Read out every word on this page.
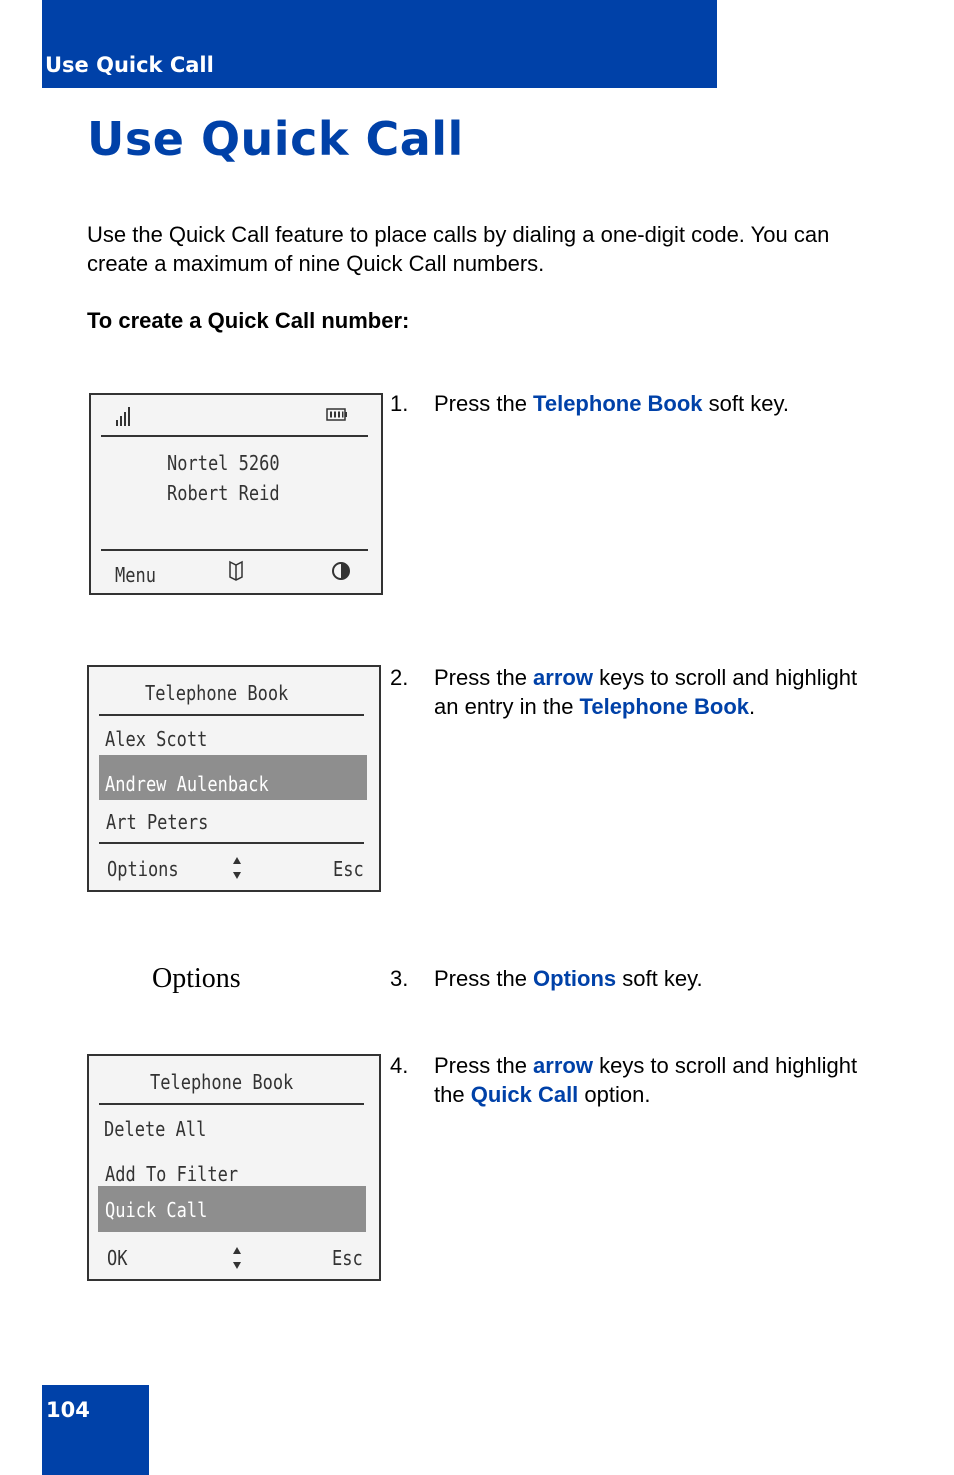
Use Quick Call
Use Quick Call

Use the Quick Call feature to place calls by dialing a one-digit code. You can create a maximum of nine Quick Call numbers.

To create a Quick Call number:

Nortel 5260
Robert Reid
Menu
Telephone Book
Alex Scott
Andrew Aulenback
Art Peters
Options	Esc
Options
Telephone Book
Delete All
Add To Filter
Quick Call
OK	Esc
1. Press the Telephone Book soft key.
2. Press the arrow keys to scroll and highlight an entry in the Telephone Book.
3. Press the Options soft key.
4. Press the arrow keys to scroll and highlight the Quick Call option.
104
